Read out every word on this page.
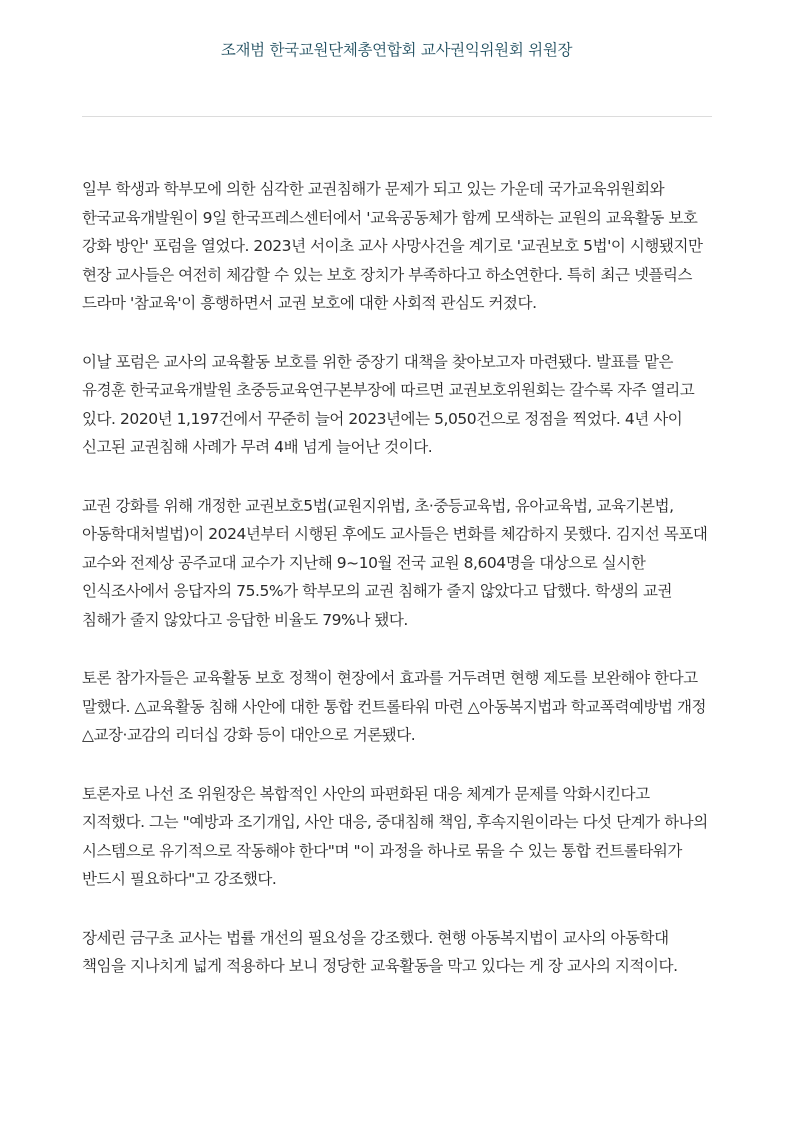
조재범 한국교원단체총연합회 교사권익위원회 위원장

일부 학생과 학부모에 의한 심각한 교권침해가 문제가 되고 있는 가운데 국가교육위원회와 한국교육개발원이 9일 한국프레스센터에서 '교육공동체가 함께 모색하는 교원의 교육활동 보호 강화 방안' 포럼을 열었다. 2023년 서이초 교사 사망사건을 계기로 '교권보호 5법'이 시행됐지만 현장 교사들은 여전히 체감할 수 있는 보호 장치가 부족하다고 하소연한다. 특히 최근 넷플릭스 드라마 '참교육'이 흥행하면서 교권 보호에 대한 사회적 관심도 커졌다.

이날 포럼은 교사의 교육활동 보호를 위한 중장기 대책을 찾아보고자 마련됐다. 발표를 맡은 유경훈 한국교육개발원 초중등교육연구본부장에 따르면 교권보호위원회는 갈수록 자주 열리고 있다. 2020년 1,197건에서 꾸준히 늘어 2023년에는 5,050건으로 정점을 찍었다. 4년 사이 신고된 교권침해 사례가 무려 4배 넘게 늘어난 것이다.

교권 강화를 위해 개정한 교권보호5법(교원지위법, 초·중등교육법, 유아교육법, 교육기본법, 아동학대처벌법)이 2024년부터 시행된 후에도 교사들은 변화를 체감하지 못했다. 김지선 목포대 교수와 전제상 공주교대 교수가 지난해 9~10월 전국 교원 8,604명을 대상으로 실시한 인식조사에서 응답자의 75.5%가 학부모의 교권 침해가 줄지 않았다고 답했다. 학생의 교권 침해가 줄지 않았다고 응답한 비율도 79%나 됐다.

토론 참가자들은 교육활동 보호 정책이 현장에서 효과를 거두려면 현행 제도를 보완해야 한다고 말했다. △교육활동 침해 사안에 대한 통합 컨트롤타워 마련 △아동복지법과 학교폭력예방법 개정 △교장·교감의 리더십 강화 등이 대안으로 거론됐다.

토론자로 나선 조 위원장은 복합적인 사안의 파편화된 대응 체계가 문제를 악화시킨다고 지적했다. 그는 "예방과 조기개입, 사안 대응, 중대침해 책임, 후속지원이라는 다섯 단계가 하나의 시스템으로 유기적으로 작동해야 한다"며 "이 과정을 하나로 묶을 수 있는 통합 컨트롤타워가 반드시 필요하다"고 강조했다.

장세린 금구초 교사는 법률 개선의 필요성을 강조했다. 현행 아동복지법이 교사의 아동학대 책임을 지나치게 넓게 적용하다 보니 정당한 교육활동을 막고 있다는 게 장 교사의 지적이다.
